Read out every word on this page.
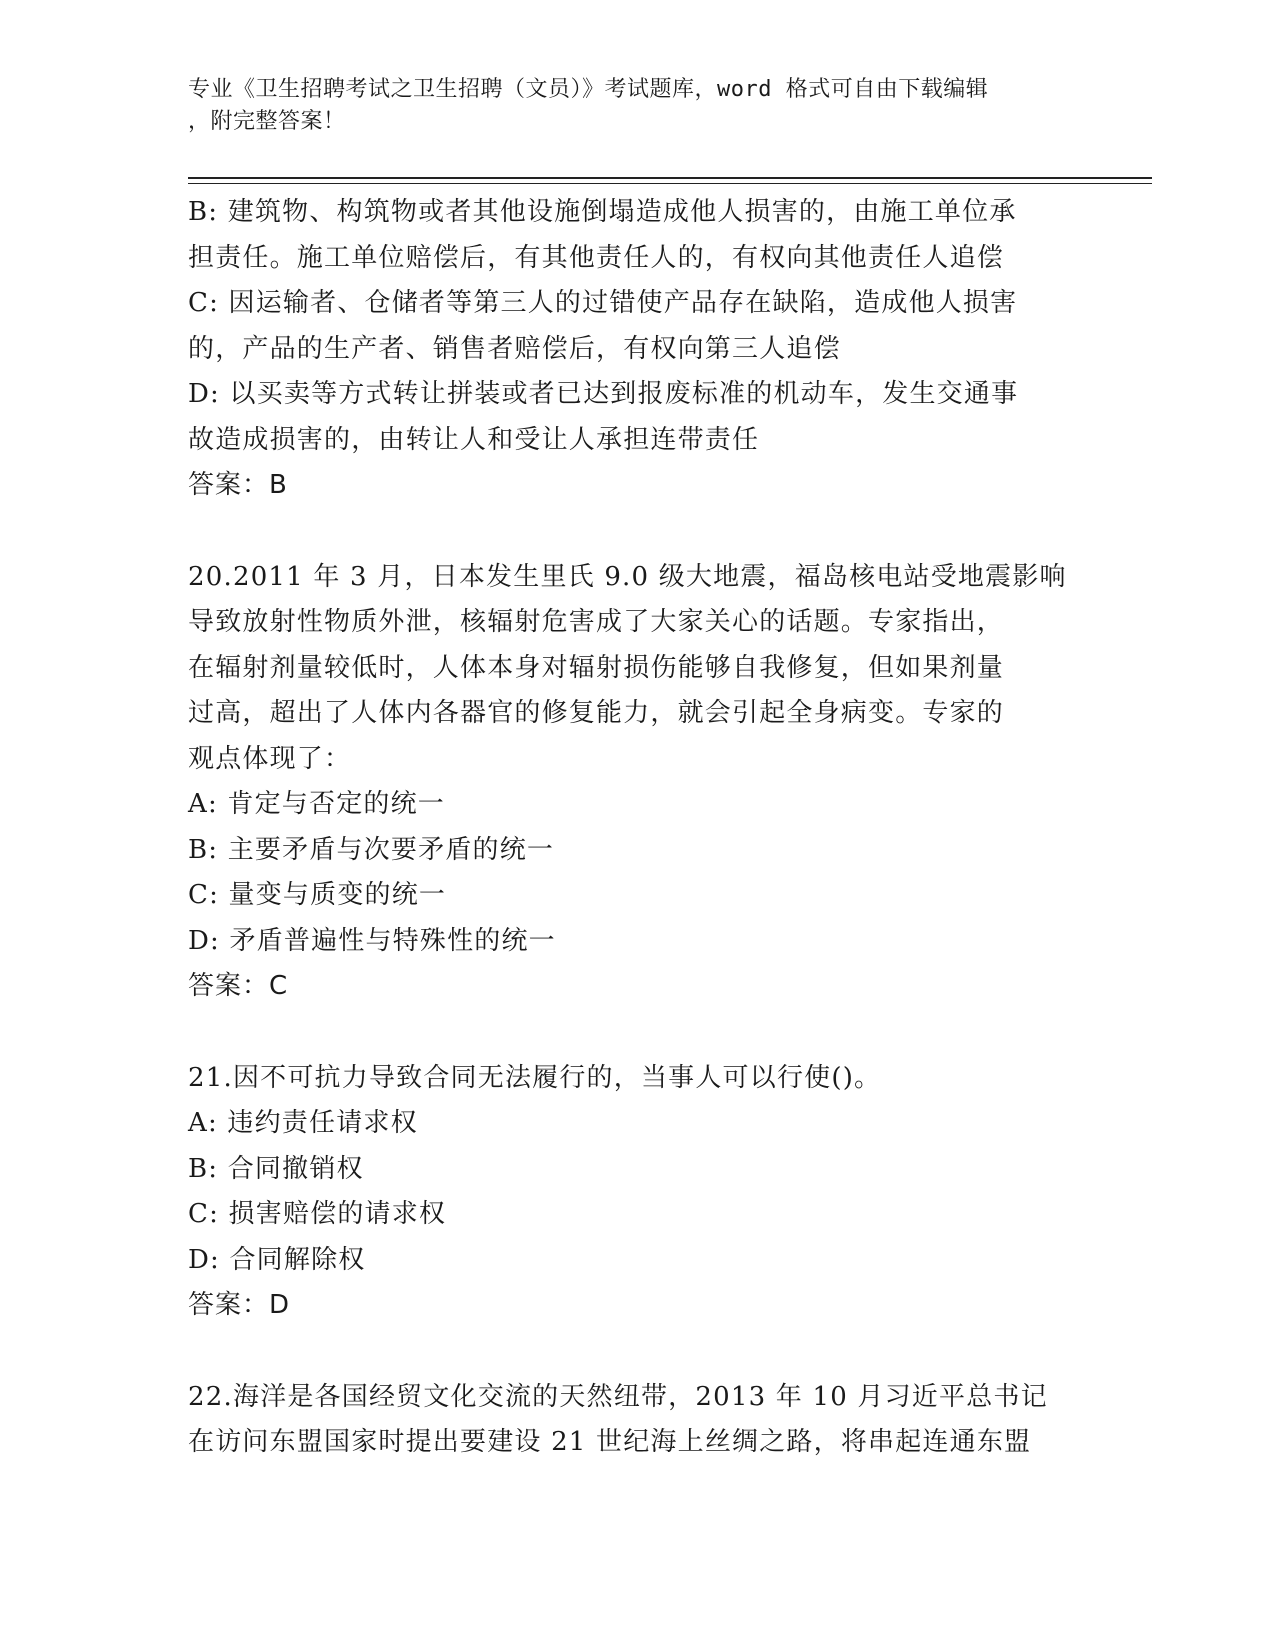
专业《卫生招聘考试之卫生招聘（文员）》考试题库，word 格式可自由下载编辑
，附完整答案！
B: 建筑物、构筑物或者其他设施倒塌造成他人损害的，由施工单位承
担责任。施工单位赔偿后，有其他责任人的，有权向其他责任人追偿
C: 因运输者、仓储者等第三人的过错使产品存在缺陷，造成他人损害
的，产品的生产者、销售者赔偿后，有权向第三人追偿
D: 以买卖等方式转让拼装或者已达到报废标准的机动车，发生交通事
故造成损害的，由转让人和受让人承担连带责任
答案：B
20.2011 年 3 月，日本发生里氏 9.0 级大地震，福岛核电站受地震影响
导致放射性物质外泄，核辐射危害成了大家关心的话题。专家指出，
在辐射剂量较低时，人体本身对辐射损伤能够自我修复，但如果剂量
过高，超出了人体内各器官的修复能力，就会引起全身病变。专家的
观点体现了：
A: 肯定与否定的统一
B: 主要矛盾与次要矛盾的统一
C: 量变与质变的统一
D: 矛盾普遍性与特殊性的统一
答案：C
21.因不可抗力导致合同无法履行的，当事人可以行使()。
A: 违约责任请求权
B: 合同撤销权
C: 损害赔偿的请求权
D: 合同解除权
答案：D
22.海洋是各国经贸文化交流的天然纽带，2013 年 10 月习近平总书记
在访问东盟国家时提出要建设 21 世纪海上丝绸之路，将串起连通东盟
